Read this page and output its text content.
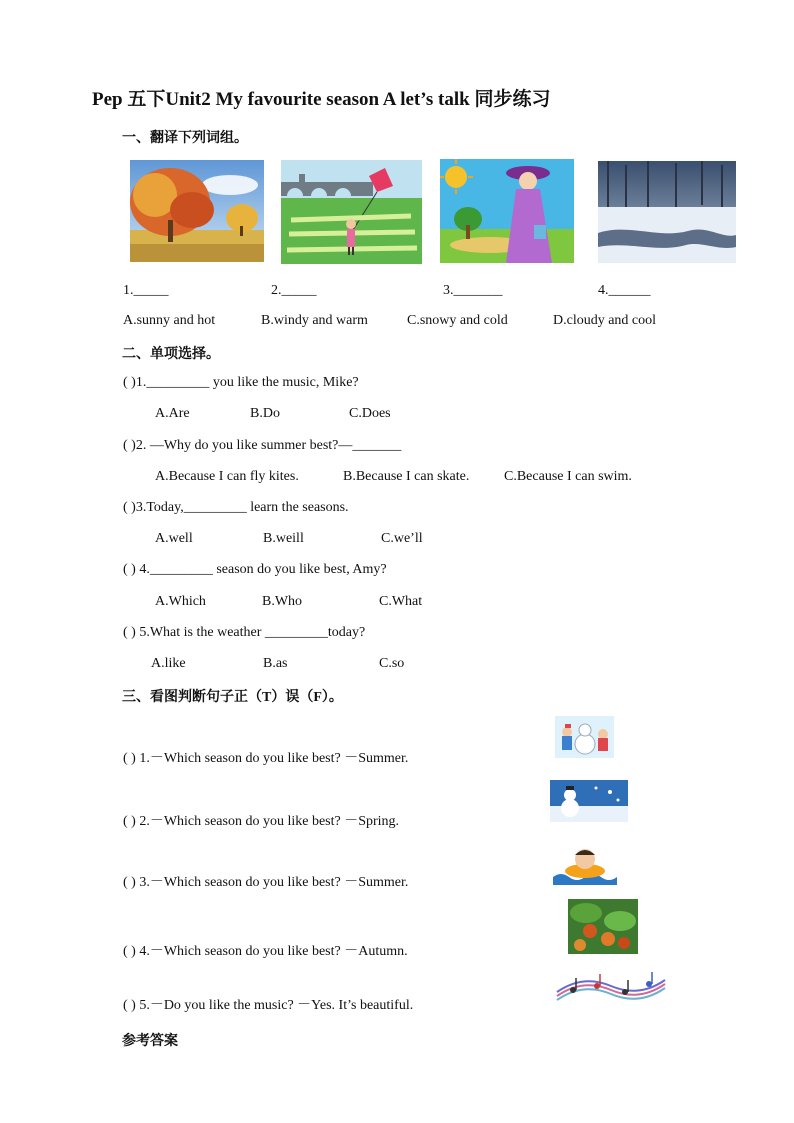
Pep 五下Unit2 My favourite season A let’s talk 同步练习
一、翻译下列词组。
1._____	2._____	3._______	4.______
A.sunny and hot	B.windy and warm	C.snowy and cold	D.cloudy and cool
二、单项选择。
( )1._________ you like the music, Mike?
A.Are	B.Do	C.Does
( )2. —Why do you like summer best?—_______
A.Because I can fly kites.	B.Because I can skate. C.Because I can swim.
( )3.Today,_________ learn the seasons.
A.well	B.weill	C.we’ll
( ) 4._________ season do you like best, Amy?
A.Which	B.Who	C.What
( ) 5.What is the weather _________today?
A.like	B.as	C.so
三、看图判断句子正（T）误（F）。
( ) 1.－Which season do you like best? －Summer.
( ) 2.－Which season do you like best? －Spring.
( ) 3.－Which season do you like best? －Summer.
( ) 4.－Which season do you like best? －Autumn.
( ) 5.－Do you like the music? －Yes. It’s beautiful.
参考答案
